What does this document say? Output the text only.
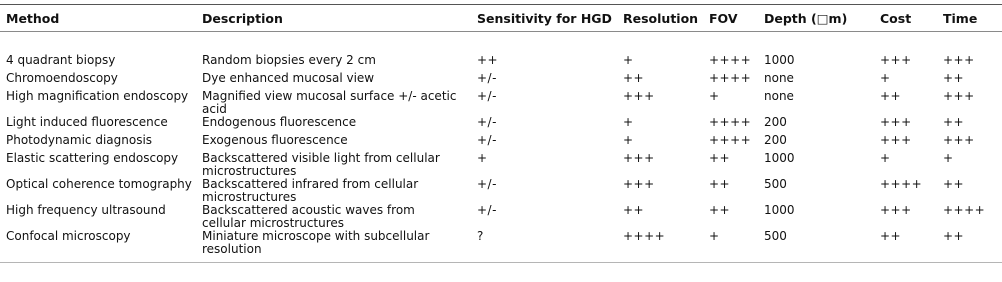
Method	Description	Sensitivity for HGD	Resolution	FOV	Depth (□m)	Cost	Time

4 quadrant biopsy	Random biopsies every 2 cm	++	+	++++	1000	+++	+++
Chromoendoscopy	Dye enhanced mucosal view	+/-	++	++++	none	+	++
High magnification endoscopy	Magnified view mucosal surface +/- acetic acid	+/-	+++	+	none	++	+++
Light induced fluorescence	Endogenous fluorescence	+/-	+	++++	200	+++	++
Photodynamic diagnosis	Exogenous fluorescence	+/-	+	++++	200	+++	+++
Elastic scattering endoscopy	Backscattered visible light from cellular microstructures	+	+++	++	1000	+	+
Optical coherence tomography	Backscattered infrared from cellular microstructures	+/-	+++	++	500	++++	++
High frequency ultrasound	Backscattered acoustic waves from cellular microstructures	+/-	++	++	1000	+++	++++
Confocal microscopy	Miniature microscope with subcellular resolution	?	++++	+	500	++	++
